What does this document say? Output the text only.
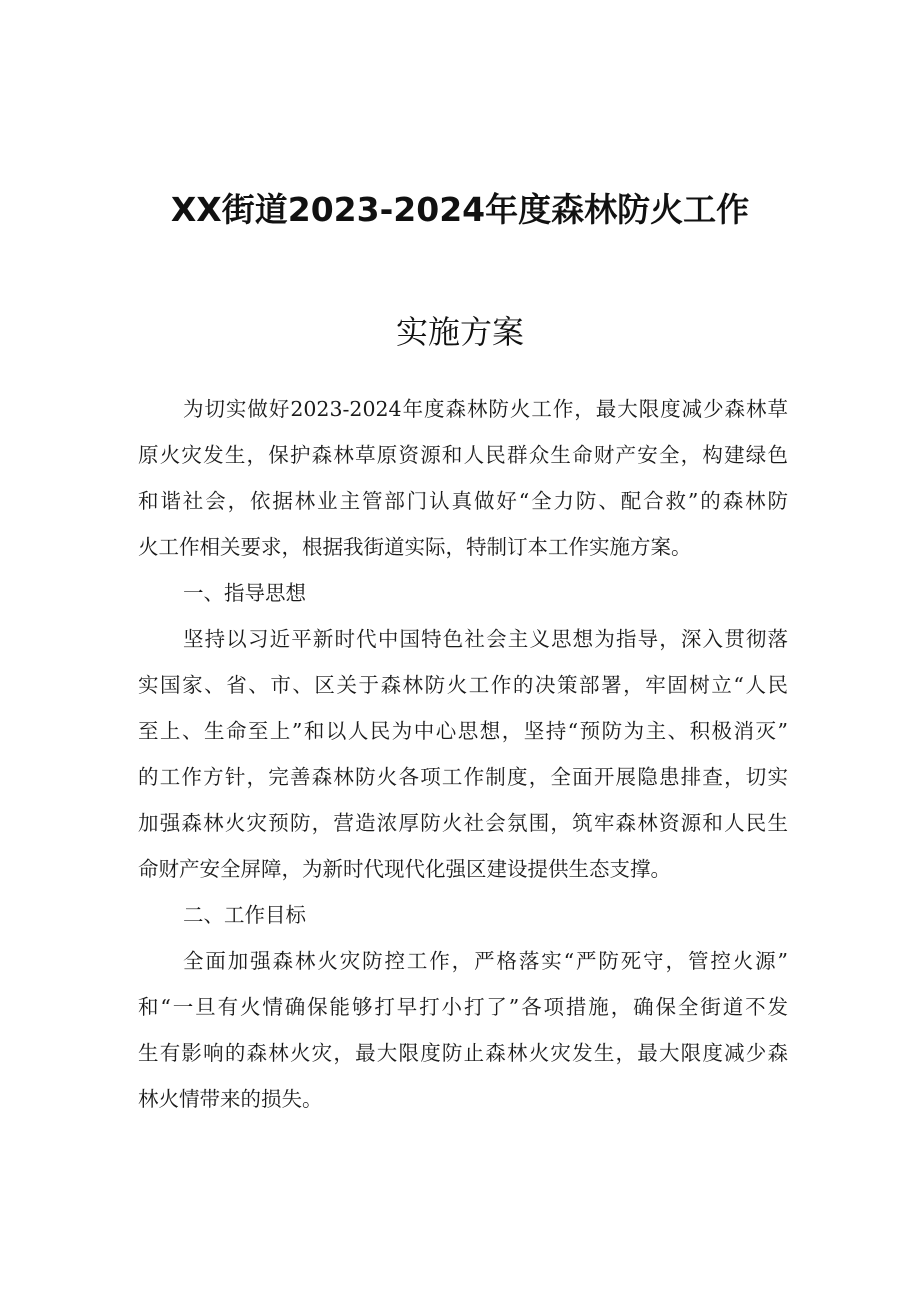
XX街道2023-2024年度森林防火工作
实施方案
为切实做好2023-2024年度森林防火工作，最大限度减少森林草
原火灾发生，保护森林草原资源和人民群众生命财产安全，构建绿色
和谐社会，依据林业主管部门认真做好“全力防、配合救”的森林防
火工作相关要求，根据我街道实际，特制订本工作实施方案。
一、指导思想
坚持以习近平新时代中国特色社会主义思想为指导，深入贯彻落
实国家、省、市、区关于森林防火工作的决策部署，牢固树立“人民
至上、生命至上”和以人民为中心思想，坚持“预防为主、积极消灭”
的工作方针，完善森林防火各项工作制度，全面开展隐患排查，切实
加强森林火灾预防，营造浓厚防火社会氛围，筑牢森林资源和人民生
命财产安全屏障，为新时代现代化强区建设提供生态支撑。
二、工作目标
全面加强森林火灾防控工作，严格落实“严防死守，管控火源”
和“一旦有火情确保能够打早打小打了”各项措施，确保全街道不发
生有影响的森林火灾，最大限度防止森林火灾发生，最大限度减少森
林火情带来的损失。
